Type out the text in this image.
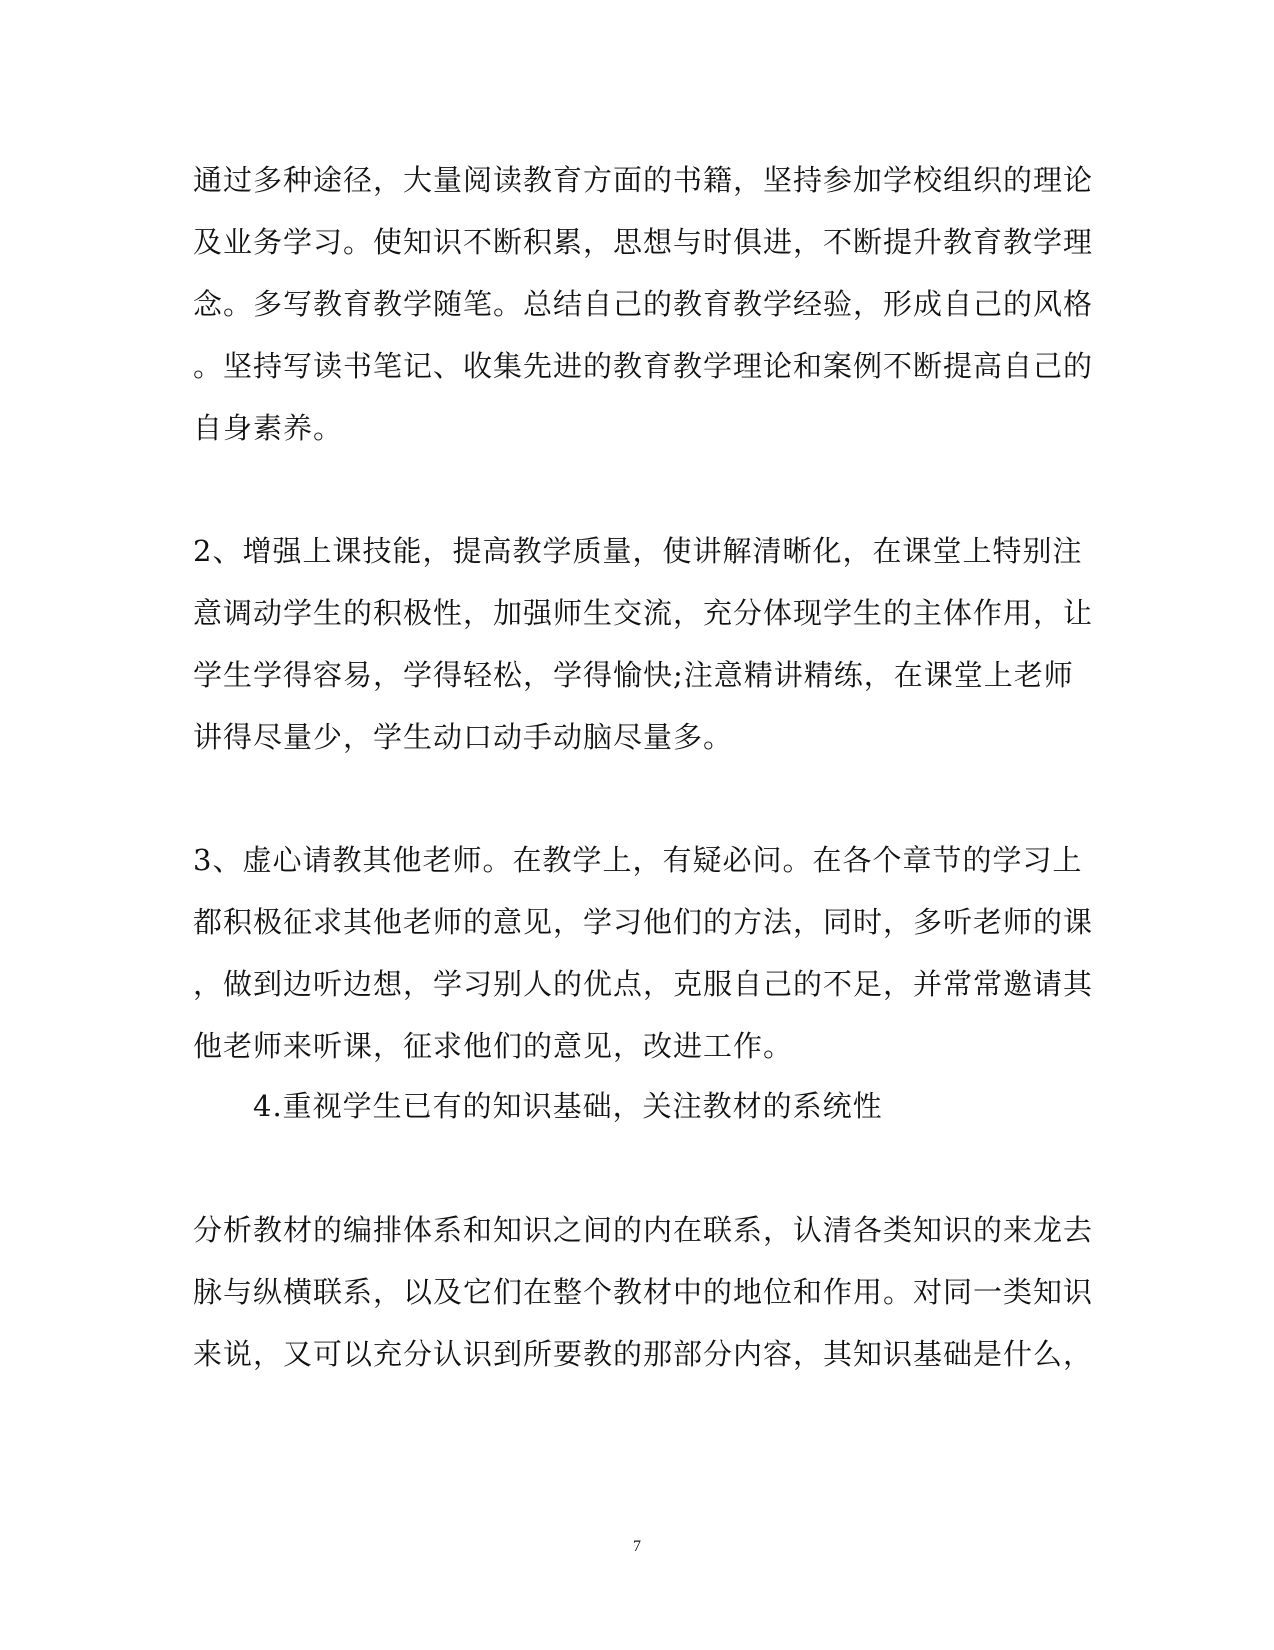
通过多种途径，大量阅读教育方面的书籍，坚持参加学校组织的理论
及业务学习。使知识不断积累，思想与时俱进，不断提升教育教学理
念。多写教育教学随笔。总结自己的教育教学经验，形成自己的风格
。坚持写读书笔记、收集先进的教育教学理论和案例不断提高自己的
自身素养。
2、增强上课技能，提高教学质量，使讲解清晰化，在课堂上特别注
意调动学生的积极性，加强师生交流，充分体现学生的主体作用，让
学生学得容易，学得轻松，学得愉快;注意精讲精练，在课堂上老师
讲得尽量少，学生动口动手动脑尽量多。
3、虚心请教其他老师。在教学上，有疑必问。在各个章节的学习上
都积极征求其他老师的意见，学习他们的方法，同时，多听老师的课
，做到边听边想，学习别人的优点，克服自己的不足，并常常邀请其
他老师来听课，征求他们的意见，改进工作。
4.重视学生已有的知识基础，关注教材的系统性
分析教材的编排体系和知识之间的内在联系，认清各类知识的来龙去
脉与纵横联系，以及它们在整个教材中的地位和作用。对同一类知识
来说，又可以充分认识到所要教的那部分内容，其知识基础是什么，
7
